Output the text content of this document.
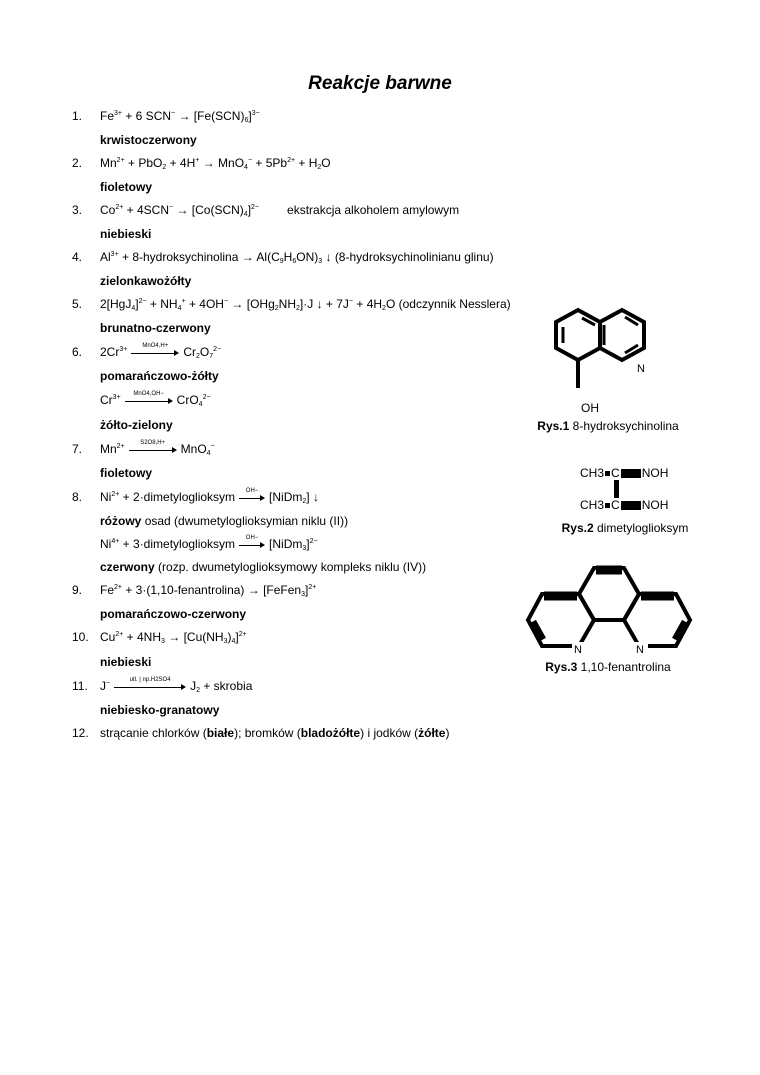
Reakcje barwne
1. $Fe^{3+} + 6$ $SCN^- \to [Fe(SCN)_6]^{3-}$
krwistoczerwony
2. $Mn^{2+} + PbO_2 + 4H^+ \to MnO_4^- + 5Pb^{2+} + H_2O$
fioletowy
3. $Co^{2+} + 4SCN^- \to [Co(SCN)_4]^{2-}$ ekstrakcja alkoholem amylowym
niebieski
4. $Al^{3+}$ + 8-hydroksychinolina → $Al(C_9H_6ON)_3$ ↓ (8-hydroksychinolinianu glinu)
zielonkawożółty
5. $2[HgJ_4]^{2-} + NH_4^+ + 4OH^- \to [OHg_2NH_2]\cdot J$ ↓ + $7J^- + 4H_2O$ (odczynnik Nesslera)
brunatno-czerwony
6. $2Cr^{3+}$	MnO4,H+	$Cr_2O_7^{2-}$
pomarańczowo-żółty
$Cr^{3+}$	MnO4,OH−	CrO$_4^{2-}$
żółto-zielony
7. $Mn^{2+}$	S2O8,H+	MnO$_4$−
fioletowy
8. $Ni^{2+}$ + 2·dimetyloglioksym	OH− [NiDm$_2$] ↓
różowy osad (dwumetyloglioksymian niklu (II))
$Ni^{4+}$ + 3·dimetyloglioksym	OH− [NiDm$_3$]$^{2-}$
czerwony (rozp. dwumetyloglioksymowy kompleks niklu (IV))
9. $Fe^{2+}$ + 3·(1,10-fenantrolina) → [FeFen$_3$]$^{2+}$
pomarańczowo-czerwony
10. $Cu^{2+} + 4NH_3 \to [Cu(NH_3)_4]^{2+}$
niebieski
11. J−	utl. | np.H2SO4	$J_2$ + skrobia
niebiesko-granatowy
12. strącanie chlorków (białe); bromków (bladożółte) i jodków (żółte)
N
OH
Rys.1 8-hydroksychinolina
CH3 C NOH
CH3 C NOH
Rys.2 dimetyloglioksym
N	N
Rys.3 1,10-fenantrolina
